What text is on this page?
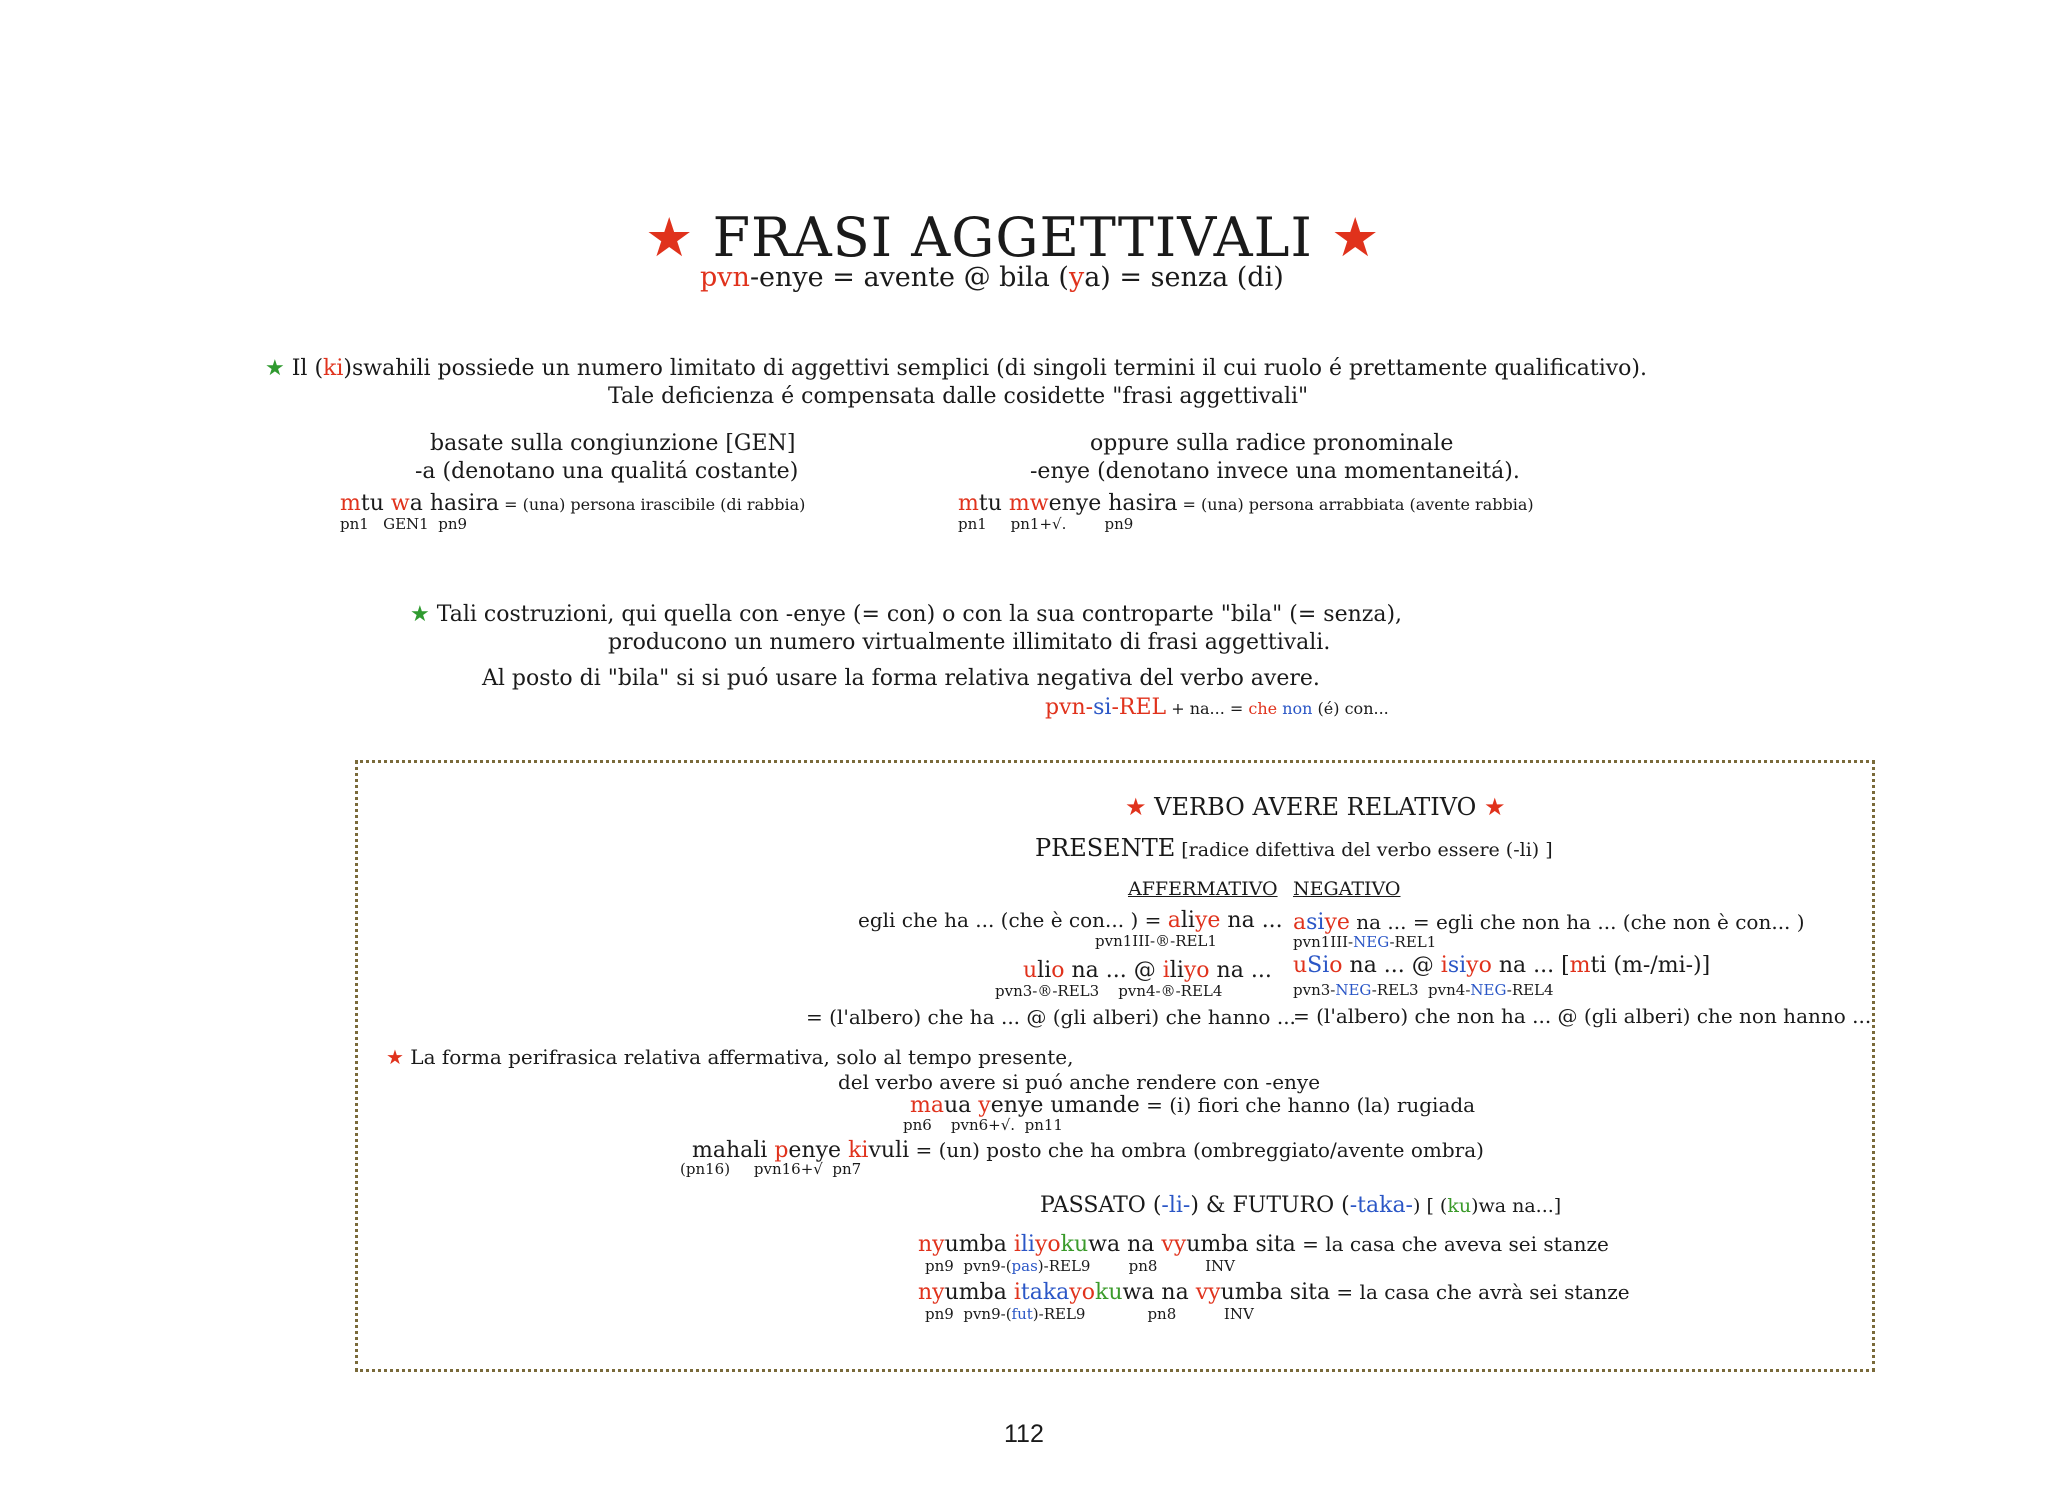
★ FRASI AGGETTIVALI ★
pvn-enye = avente @ bila (ya) = senza (di)
★ Il (ki)swahili possiede un numero limitato di aggettivi semplici (di singoli termini il cui ruolo é prettamente qualificativo).
Tale deficienza é compensata dalle cosidette "frasi aggettivali"
basate sulla congiunzione [GEN]
-a (denotano una qualitá costante)
mtu wa hasira = (una) persona irascibile (di rabbia)
pn1   GEN1  pn9
oppure sulla radice pronominale
-enye (denotano invece una momentaneitá).
mtu mwenye hasira = (una) persona arrabbiata (avente rabbia)
pn1     pn1+√.        pn9
★ Tali costruzioni, qui quella con -enye (= con) o con la sua controparte "bila" (= senza),
producono un numero virtualmente illimitato di frasi aggettivali.
Al posto di "bila" si si puó usare la forma relativa negativa del verbo avere.
pvn-si-REL + na... = che non (é) con...
★ VERBO AVERE RELATIVO ★
PRESENTE [radice difettiva del verbo essere (-li) ]
AFFERMATIVO NEGATIVO
egli che ha ... (che è con... ) = aliye na ...
pvn1III-®-REL1
ulio na ... @ iliyo na ...
pvn3-®-REL3    pvn4-®-REL4
= (l'albero) che ha ... @ (gli alberi) che hanno ...
asiye na ... = egli che non ha ... (che non è con... )
pvn1III-NEG-REL1
uSio na ... @ isiyo na ... [mti (m-/mi-)]
pvn3-NEG-REL3  pvn4-NEG-REL4
= (l'albero) che non ha ... @ (gli alberi) che non hanno ...
★ La forma perifrasica relativa affermativa, solo al tempo presente,
del verbo avere si puó anche rendere con -enye
maua yenye umande = (i) fiori che hanno (la) rugiada
pn6    pvn6+√.  pn11
mahali penye kivuli = (un) posto che ha ombra (ombreggiato/avente ombra)
(pn16)     pvn16+√  pn7
PASSATO (-li-) & FUTURO (-taka-) [ (ku)wa na...]
nyumba iliyokuwa na vyumba sita = la casa che aveva sei stanze
pn9  pvn9-(pas)-REL9        pn8          INV
nyumba itakayokuwa na vyumba sita = la casa che avrà sei stanze
pn9  pvn9-(fut)-REL9             pn8          INV
112
